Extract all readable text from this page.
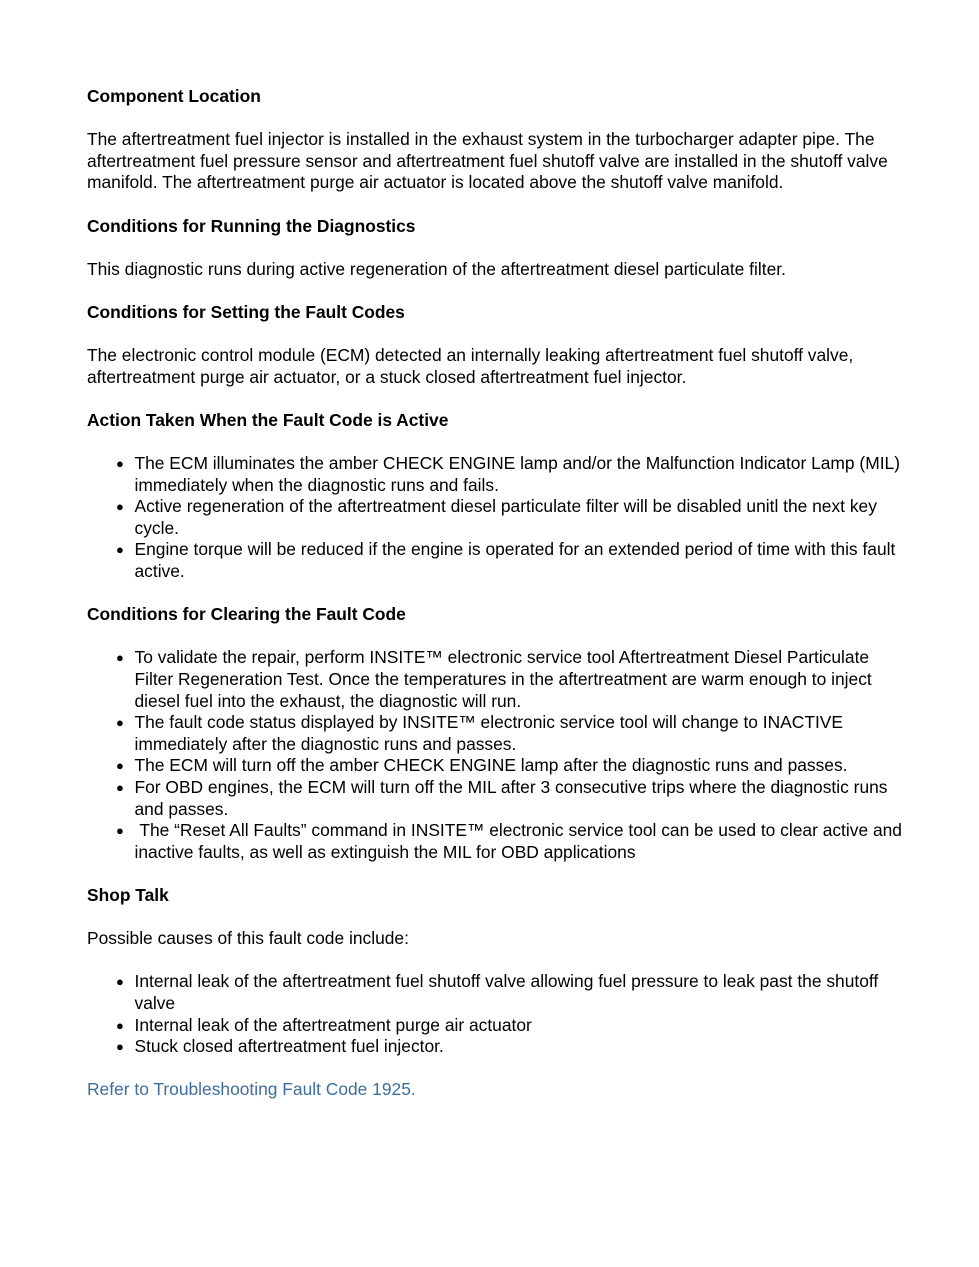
Component Location

The aftertreatment fuel injector is installed in the exhaust system in the turbocharger adapter pipe. The aftertreatment fuel pressure sensor and aftertreatment fuel shutoff valve are installed in the shutoff valve manifold. The aftertreatment purge air actuator is located above the shutoff valve manifold.

Conditions for Running the Diagnostics

This diagnostic runs during active regeneration of the aftertreatment diesel particulate filter.

Conditions for Setting the Fault Codes

The electronic control module (ECM) detected an internally leaking aftertreatment fuel shutoff valve, aftertreatment purge air actuator, or a stuck closed aftertreatment fuel injector.

Action Taken When the Fault Code is Active

● The ECM illuminates the amber CHECK ENGINE lamp and/or the Malfunction Indicator Lamp (MIL) immediately when the diagnostic runs and fails.
● Active regeneration of the aftertreatment diesel particulate filter will be disabled unitl the next key cycle.
● Engine torque will be reduced if the engine is operated for an extended period of time with this fault active.

Conditions for Clearing the Fault Code

● To validate the repair, perform INSITE™ electronic service tool Aftertreatment Diesel Particulate Filter Regeneration Test. Once the temperatures in the aftertreatment are warm enough to inject diesel fuel into the exhaust, the diagnostic will run.
● The fault code status displayed by INSITE™ electronic service tool will change to INACTIVE immediately after the diagnostic runs and passes.
● The ECM will turn off the amber CHECK ENGINE lamp after the diagnostic runs and passes.
● For OBD engines, the ECM will turn off the MIL after 3 consecutive trips where the diagnostic runs and passes.
● The “Reset All Faults” command in INSITE™ electronic service tool can be used to clear active and inactive faults, as well as extinguish the MIL for OBD applications

Shop Talk

Possible causes of this fault code include:

● Internal leak of the aftertreatment fuel shutoff valve allowing fuel pressure to leak past the shutoff valve
● Internal leak of the aftertreatment purge air actuator
● Stuck closed aftertreatment fuel injector.

Refer to Troubleshooting Fault Code 1925.
